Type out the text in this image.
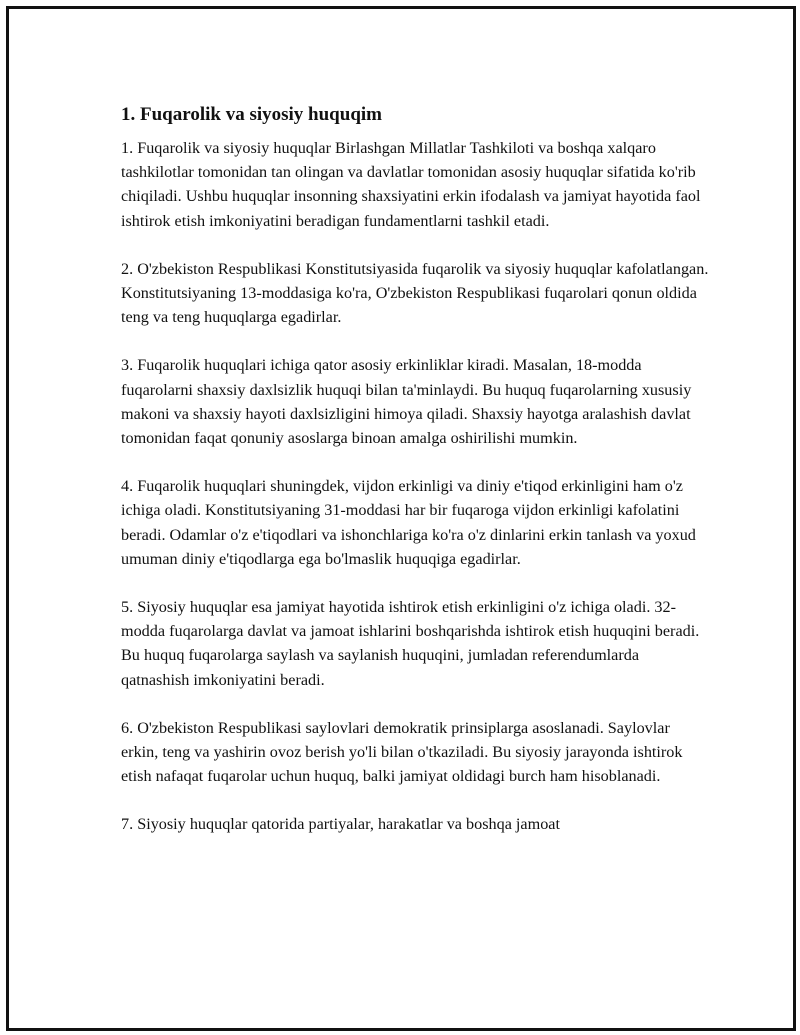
1. Fuqarolik va siyosiy huquqim

1. Fuqarolik va siyosiy huquqlar Birlashgan Millatlar Tashkiloti va boshqa xalqaro tashkilotlar tomonidan tan olingan va davlatlar tomonidan asosiy huquqlar sifatida ko'rib chiqiladi. Ushbu huquqlar insonning shaxsiyatini erkin ifodalash va jamiyat hayotida faol ishtirok etish imkoniyatini beradigan fundamentlarni tashkil etadi.

2. O'zbekiston Respublikasi Konstitutsiyasida fuqarolik va siyosiy huquqlar kafolatlangan. Konstitutsiyaning 13-moddasiga ko'ra, O'zbekiston Respublikasi fuqarolari qonun oldida teng va teng huquqlarga egadirlar.

3. Fuqarolik huquqlari ichiga qator asosiy erkinliklar kiradi. Masalan, 18-modda fuqarolarni shaxsiy daxlsizlik huquqi bilan ta'minlaydi. Bu huquq fuqarolarning xususiy makoni va shaxsiy hayoti daxlsizligini himoya qiladi. Shaxsiy hayotga aralashish davlat tomonidan faqat qonuniy asoslarga binoan amalga oshirilishi mumkin.

4. Fuqarolik huquqlari shuningdek, vijdon erkinligi va diniy e'tiqod erkinligini ham o'z ichiga oladi. Konstitutsiyaning 31-moddasi har bir fuqaroga vijdon erkinligi kafolatini beradi. Odamlar o'z e'tiqodlari va ishonchlariga ko'ra o'z dinlarini erkin tanlash va yoxud umuman diniy e'tiqodlarga ega bo'lmaslik huquqiga egadirlar.

5. Siyosiy huquqlar esa jamiyat hayotida ishtirok etish erkinligini o'z ichiga oladi. 32-modda fuqarolarga davlat va jamoat ishlarini boshqarishda ishtirok etish huquqini beradi. Bu huquq fuqarolarga saylash va saylanish huquqini, jumladan referendumlarda qatnashish imkoniyatini beradi.

6. O'zbekiston Respublikasi saylovlari demokratik prinsiplarga asoslanadi. Saylovlar erkin, teng va yashirin ovoz berish yo'li bilan o'tkaziladi. Bu siyosiy jarayonda ishtirok etish nafaqat fuqarolar uchun huquq, balki jamiyat oldidagi burch ham hisoblanadi.

7. Siyosiy huquqlar qatorida partiyalar, harakatlar va boshqa jamoat
